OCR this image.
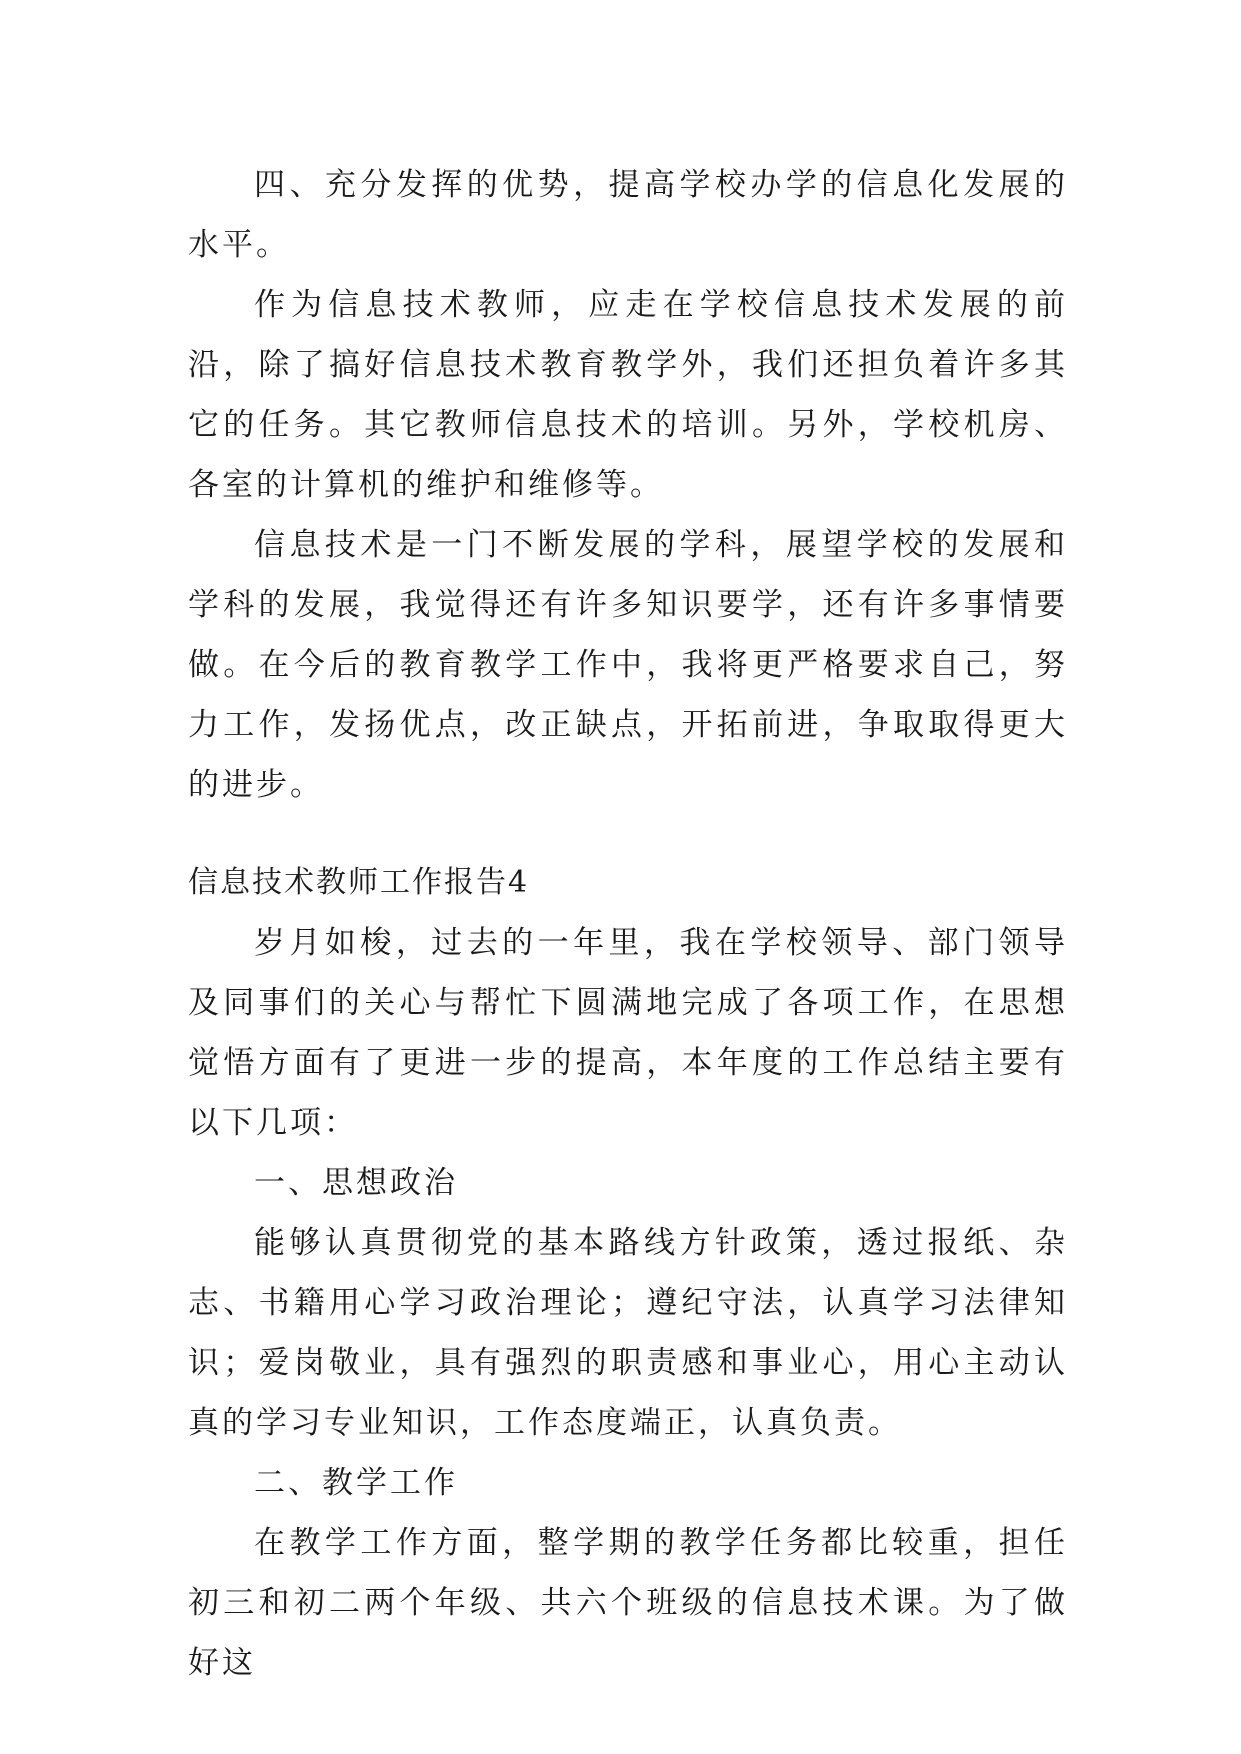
四、充分发挥的优势，提高学校办学的信息化发展的水平。

作为信息技术教师，应走在学校信息技术发展的前沿，除了搞好信息技术教育教学外，我们还担负着许多其它的任务。其它教师信息技术的培训。另外，学校机房、各室的计算机的维护和维修等。

信息技术是一门不断发展的学科，展望学校的发展和学科的发展，我觉得还有许多知识要学，还有许多事情要做。在今后的教育教学工作中，我将更严格要求自己，努力工作，发扬优点，改正缺点，开拓前进，争取取得更大的进步。

信息技术教师工作报告4

岁月如梭，过去的一年里，我在学校领导、部门领导及同事们的关心与帮忙下圆满地完成了各项工作，在思想觉悟方面有了更进一步的提高，本年度的工作总结主要有以下几项：

一、思想政治

能够认真贯彻党的基本路线方针政策，透过报纸、杂志、书籍用心学习政治理论；遵纪守法，认真学习法律知识；爱岗敬业，具有强烈的职责感和事业心，用心主动认真的学习专业知识，工作态度端正，认真负责。

二、教学工作

在教学工作方面，整学期的教学任务都比较重，担任初三和初二两个年级、共六个班级的信息技术课。为了做好这
